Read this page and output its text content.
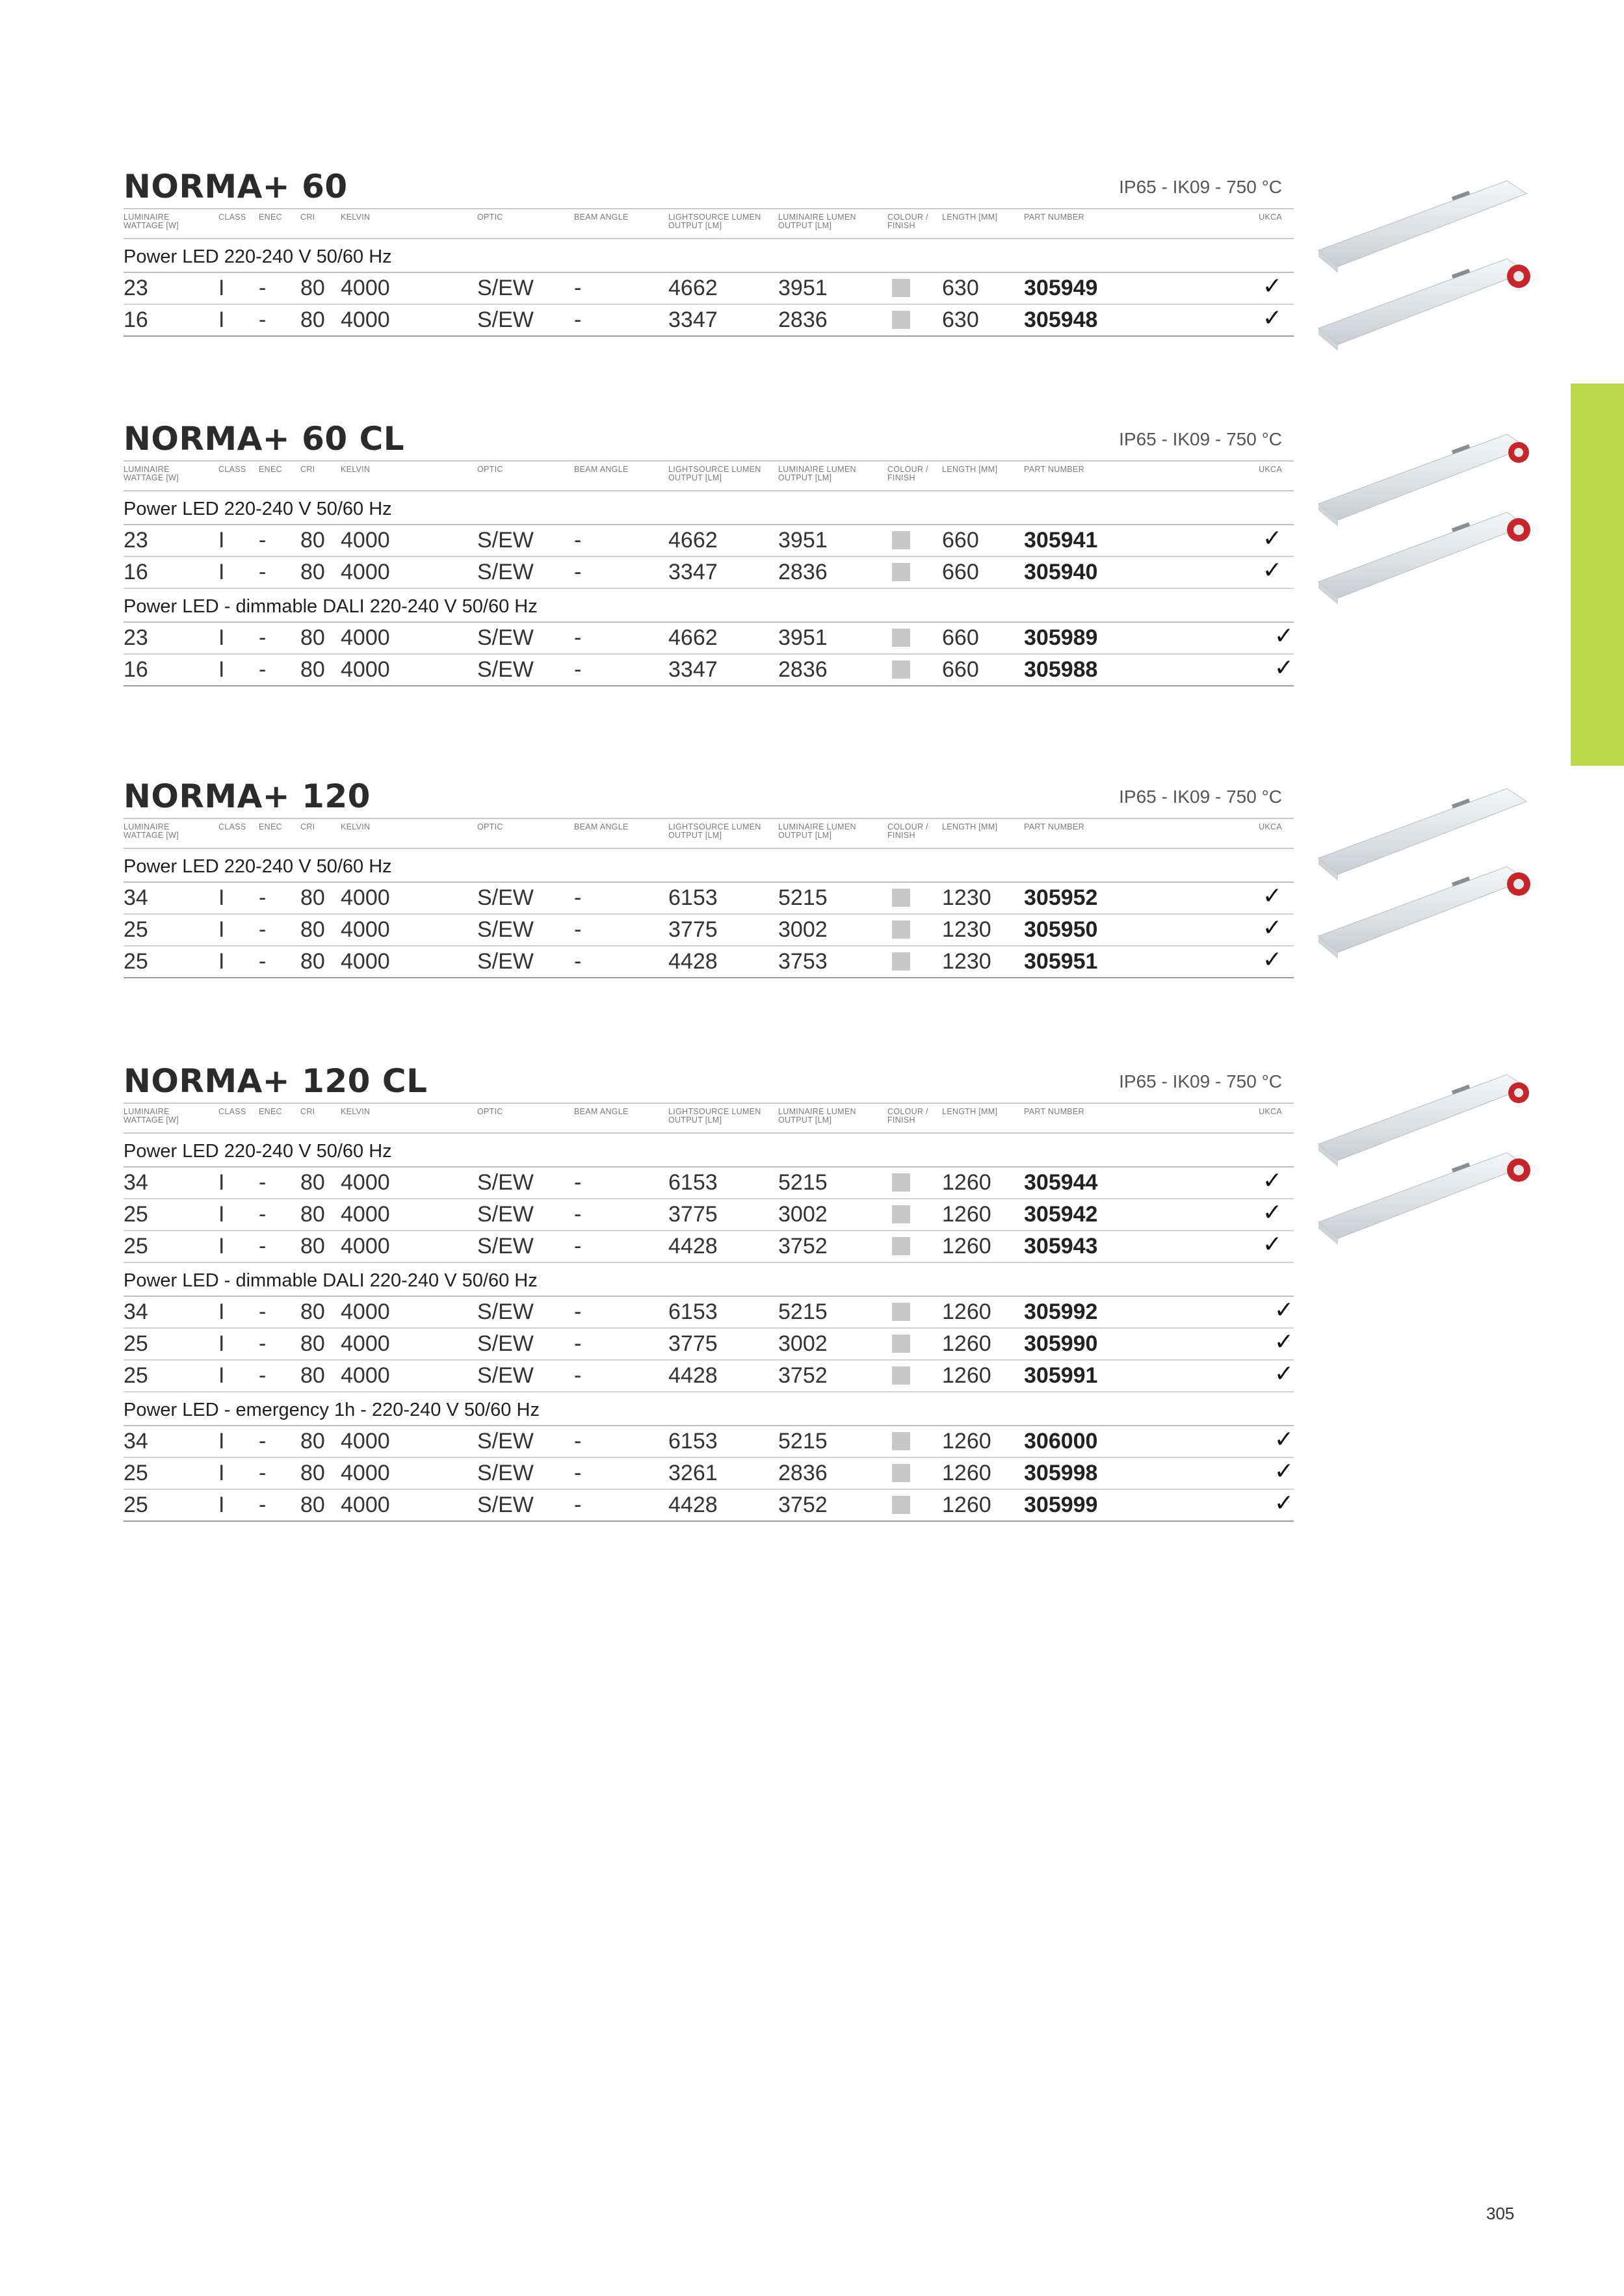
NORMA+ 60	IP65 - IK09 - 750 °C
LUMINAIRE
WATTAGE [W]
CLASS ENEC CRI	KELVIN	OPTIC	BEAM ANGLE	LIGHTSOURCE LUMEN
OUTPUT [LM]
LUMINAIRE LUMEN
OUTPUT [LM]
COLOUR /
FINISH
LENGTH [MM]	PART NUMBER	UKCA
Power LED 220-240 V 50/60 Hz
23	I - 80 4000	S/EW -	4662	3951	630 305949	✓
16	I - 80 4000	S/EW -	3347	2836	630 305948	✓
NORMA+ 60 CL	IP65 - IK09 - 750 °C
LUMINAIRE
WATTAGE [W]
CLASS ENEC CRI	KELVIN	OPTIC	BEAM ANGLE	LIGHTSOURCE LUMEN
OUTPUT [LM]
LUMINAIRE LUMEN
OUTPUT [LM]
COLOUR /
FINISH
LENGTH [MM]	PART NUMBER	UKCA
Power LED 220-240 V 50/60 Hz
23	I - 80 4000	S/EW -	4662	3951	660 305941	✓
16	I - 80 4000	S/EW -	3347	2836	660 305940	✓
Power LED - dimmable DALI 220-240 V 50/60 Hz
23	I - 80 4000	S/EW -	4662	3951	660 305989	✓
16	I - 80 4000	S/EW -	3347	2836	660 305988	✓
NORMA+ 120	IP65 - IK09 - 750 °C
LUMINAIRE
WATTAGE [W]
CLASS ENEC CRI	KELVIN	OPTIC	BEAM ANGLE	LIGHTSOURCE LUMEN
OUTPUT [LM]
LUMINAIRE LUMEN
OUTPUT [LM]
COLOUR /
FINISH
LENGTH [MM]	PART NUMBER	UKCA
Power LED 220-240 V 50/60 Hz
34	I - 80 4000	S/EW -	6153	5215	1230 305952	✓
25	I - 80 4000	S/EW -	3775	3002	1230 305950	✓
25	I - 80 4000	S/EW -	4428	3753	1230 305951	✓
NORMA+ 120 CL	IP65 - IK09 - 750 °C
LUMINAIRE
WATTAGE [W]
CLASS ENEC CRI	KELVIN	OPTIC	BEAM ANGLE	LIGHTSOURCE LUMEN
OUTPUT [LM]
LUMINAIRE LUMEN
OUTPUT [LM]
COLOUR /
FINISH
LENGTH [MM]	PART NUMBER	UKCA
Power LED 220-240 V 50/60 Hz
34	I - 80 4000	S/EW -	6153	5215	1260 305944	✓
25	I - 80 4000	S/EW -	3775	3002	1260 305942	✓
25	I - 80 4000	S/EW -	4428	3752	1260 305943	✓
Power LED - dimmable DALI 220-240 V 50/60 Hz
34	I - 80 4000	S/EW -	6153	5215	1260 305992	✓
25	I - 80 4000	S/EW -	3775	3002	1260 305990	✓
25	I - 80 4000	S/EW -	4428	3752	1260 305991	✓
Power LED - emergency 1h - 220-240 V 50/60 Hz
34	I - 80 4000	S/EW -	6153	5215	1260 306000	✓
25	I - 80 4000	S/EW -	3261	2836	1260 305998	✓
25	I - 80 4000	S/EW -	4428	3752	1260 305999	✓
305
